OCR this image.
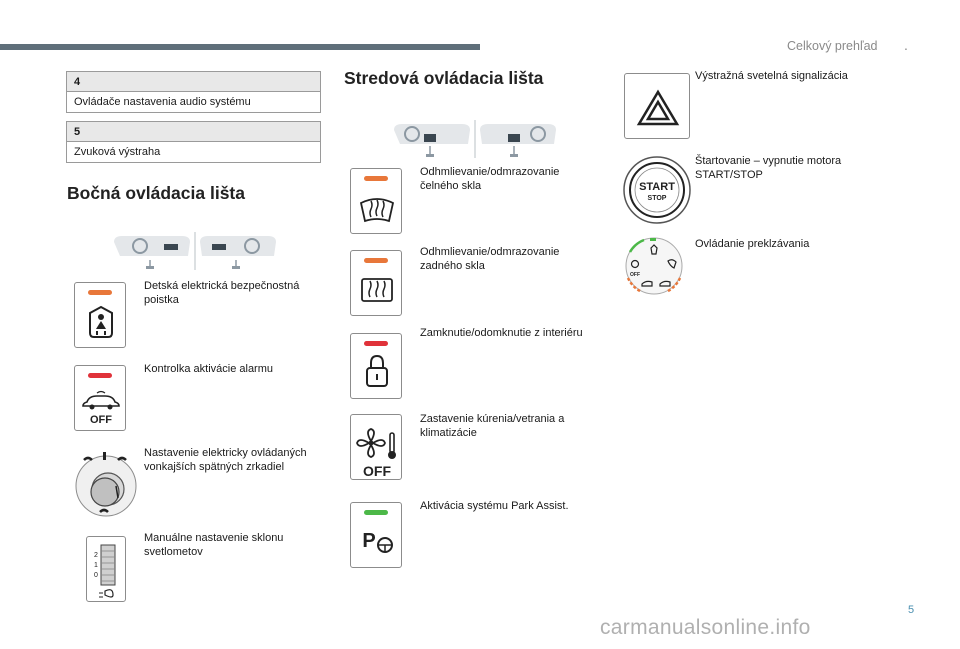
Celkový prehľad .
4
Ovládače nastavenia audio systému
5
Zvuková výstraha
Bočná ovládacia lišta
Detská elektrická bezpečnostná poistka
OFF
Kontrolka aktivácie alarmu
Nastavenie elektricky ovládaných vonkajších spätných zrkadiel
2
1
0
Manuálne nastavenie sklonu svetlometov
Stredová ovládacia lišta
Odhmlievanie/odmrazovanie čelného skla
Odhmlievanie/odmrazovanie zadného skla
Zamknutie/odomknutie z interiéru
OFF
Zastavenie kúrenia/vetrania a klimatizácie
P
Aktivácia systému Park Assist.
Výstražná svetelná signalizácia
START
STOP
Štartovanie – vypnutie motora START/STOP
OFF
Ovládanie preklzávania
5
carmanualsonline.info
